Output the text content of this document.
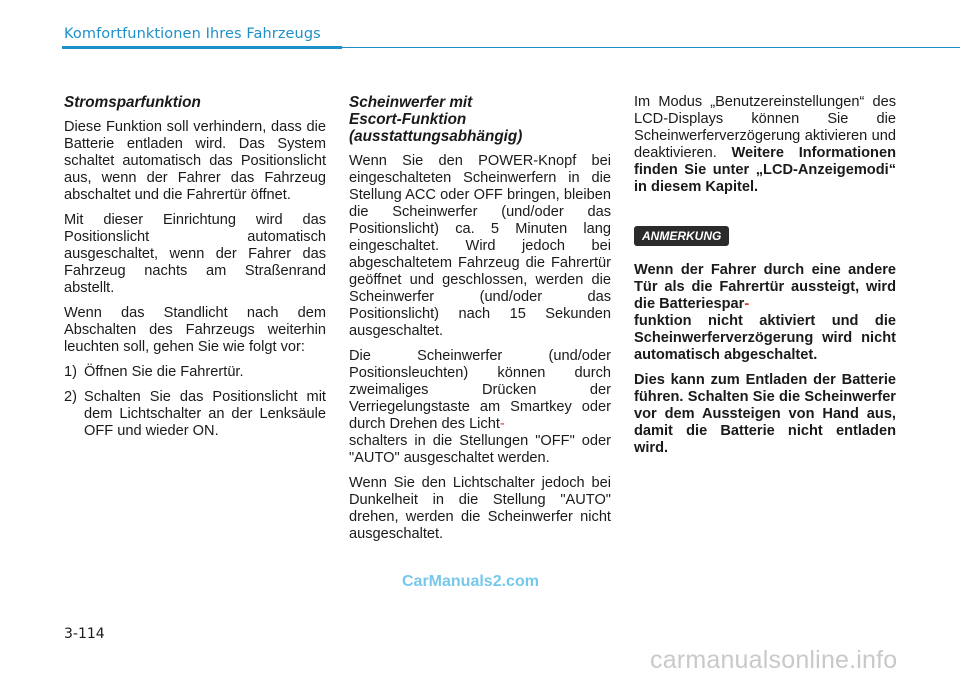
Komfortfunktionen Ihres Fahrzeugs
Stromsparfunktion

Diese Funktion soll verhindern, dass die Batterie entladen wird. Das System schaltet automatisch das Positionslicht aus, wenn der Fahrer das Fahrzeug abschaltet und die Fahrertür öffnet.

Mit dieser Einrichtung wird das Positionslicht automatisch ausgeschaltet, wenn der Fahrer das Fahrzeug nachts am Straßenrand abstellt.

Wenn das Standlicht nach dem Abschalten des Fahrzeugs weiterhin leuchten soll, gehen Sie wie folgt vor:

1) Öffnen Sie die Fahrertür.
2) Schalten Sie das Positionslicht mit dem Lichtschalter an der Lenksäule OFF und wieder ON.
Scheinwerfer mit
Escort-Funktion
(ausstattungsabhängig)

Wenn Sie den POWER-Knopf bei eingeschalteten Scheinwerfern in die Stellung ACC oder OFF bringen, bleiben die Scheinwerfer (und/oder das Positionslicht) ca. 5 Minuten lang eingeschaltet. Wird jedoch bei abgeschaltetem Fahrzeug die Fahrertür geöffnet und geschlossen, werden die Scheinwerfer (und/oder das Positionslicht) nach 15 Sekunden ausgeschaltet.

Die Scheinwerfer (und/oder Positionsleuchten) können durch zweimaliges Drücken der Verriegelungstaste am Smartkey oder durch Drehen des Licht-
schalters in die Stellungen "OFF" oder "AUTO" ausgeschaltet werden.

Wenn Sie den Lichtschalter jedoch bei Dunkelheit in die Stellung "AUTO" drehen, werden die Scheinwerfer nicht ausgeschaltet.

Im Modus „Benutzereinstellungen“ des LCD-Displays können Sie die Scheinwerferverzögerung aktivieren und deaktivieren. Weitere Informationen finden Sie unter „LCD-Anzeigemodi“ in diesem Kapitel.

ANMERKUNG

Wenn der Fahrer durch eine andere Tür als die Fahrertür aussteigt, wird die Batteriespar-
funktion nicht aktiviert und die Scheinwerferverzögerung wird nicht automatisch abgeschaltet.

Dies kann zum Entladen der Batterie führen. Schalten Sie die Scheinwerfer vor dem Aussteigen von Hand aus, damit die Batterie nicht entladen wird.

CarManuals2.com
3-114
carmanualsonline.info
